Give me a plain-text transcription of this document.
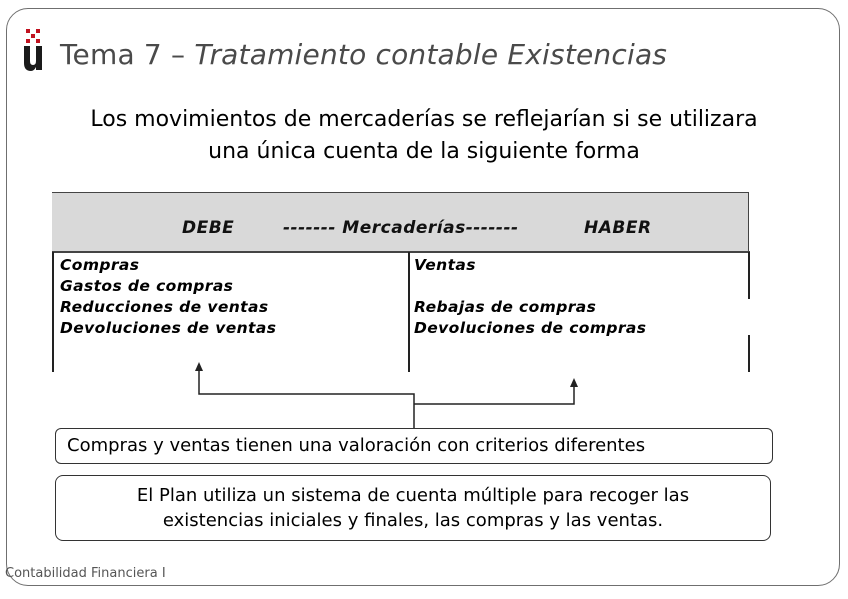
Tema 7 – Tratamiento contable Existencias
Los movimientos de mercaderías se reflejarían si se utilizara
una única cuenta de la siguiente forma
DEBE	------- Mercaderías-------	HABER
Compras
Gastos de compras
Reducciones de ventas
Devoluciones de ventas
Ventas
Rebajas de compras
Devoluciones de compras
Compras y ventas tienen una valoración con criterios diferentes
El Plan utiliza un sistema de cuenta múltiple para recoger las
existencias iniciales y finales, las compras y las ventas.
Contabilidad Financiera I
